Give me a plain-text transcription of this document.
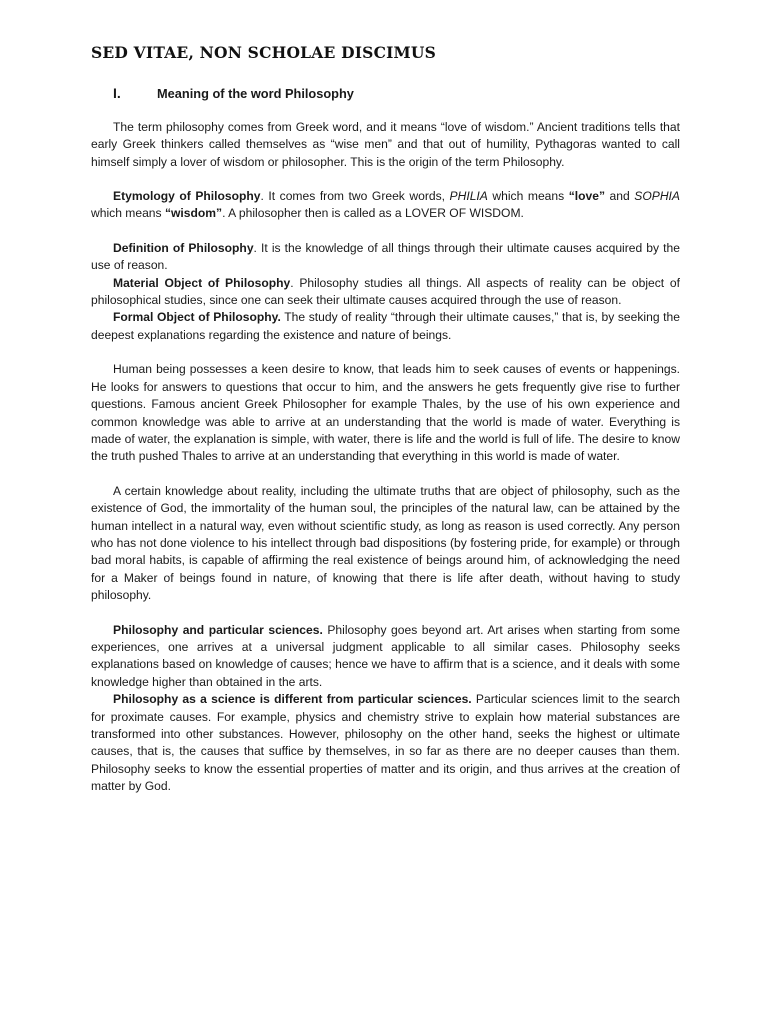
SED VITAE, NON SCHOLAE DISCIMUS
I.	Meaning of the word Philosophy

The term philosophy comes from Greek word, and it means “love of wisdom.” Ancient traditions tells that early Greek thinkers called themselves as “wise men” and that out of humility, Pythagoras wanted to call himself simply a lover of wisdom or philosopher. This is the origin of the term Philosophy.

Etymology of Philosophy. It comes from two Greek words, PHILIA which means “love” and SOPHIA which means “wisdom”. A philosopher then is called as a LOVER OF WISDOM.

Definition of Philosophy. It is the knowledge of all things through their ultimate causes acquired by the use of reason.

Material Object of Philosophy. Philosophy studies all things. All aspects of reality can be object of philosophical studies, since one can seek their ultimate causes acquired through the use of reason.

Formal Object of Philosophy. The study of reality “through their ultimate causes,” that is, by seeking the deepest explanations regarding the existence and nature of beings.

Human being possesses a keen desire to know, that leads him to seek causes of events or happenings. He looks for answers to questions that occur to him, and the answers he gets frequently give rise to further questions. Famous ancient Greek Philosopher for example Thales, by the use of his own experience and common knowledge was able to arrive at an understanding that the world is made of water. Everything is made of water, the explanation is simple, with water, there is life and the world is full of life. The desire to know the truth pushed Thales to arrive at an understanding that everything in this world is made of water.

A certain knowledge about reality, including the ultimate truths that are object of philosophy, such as the existence of God, the immortality of the human soul, the principles of the natural law, can be attained by the human intellect in a natural way, even without scientific study, as long as reason is used correctly. Any person who has not done violence to his intellect through bad dispositions (by fostering pride, for example) or through bad moral habits, is capable of affirming the real existence of beings around him, of acknowledging the need for a Maker of beings found in nature, of knowing that there is life after death, without having to study philosophy.

Philosophy and particular sciences. Philosophy goes beyond art. Art arises when starting from some experiences, one arrives at a universal judgment applicable to all similar cases. Philosophy seeks explanations based on knowledge of causes; hence we have to affirm that is a science, and it deals with some knowledge higher than obtained in the arts.

Philosophy as a science is different from particular sciences. Particular sciences limit to the search for proximate causes. For example, physics and chemistry strive to explain how material substances are transformed into other substances. However, philosophy on the other hand, seeks the highest or ultimate causes, that is, the causes that suffice by themselves, in so far as there are no deeper causes than them. Philosophy seeks to know the essential properties of matter and its origin, and thus arrives at the creation of matter by God.
